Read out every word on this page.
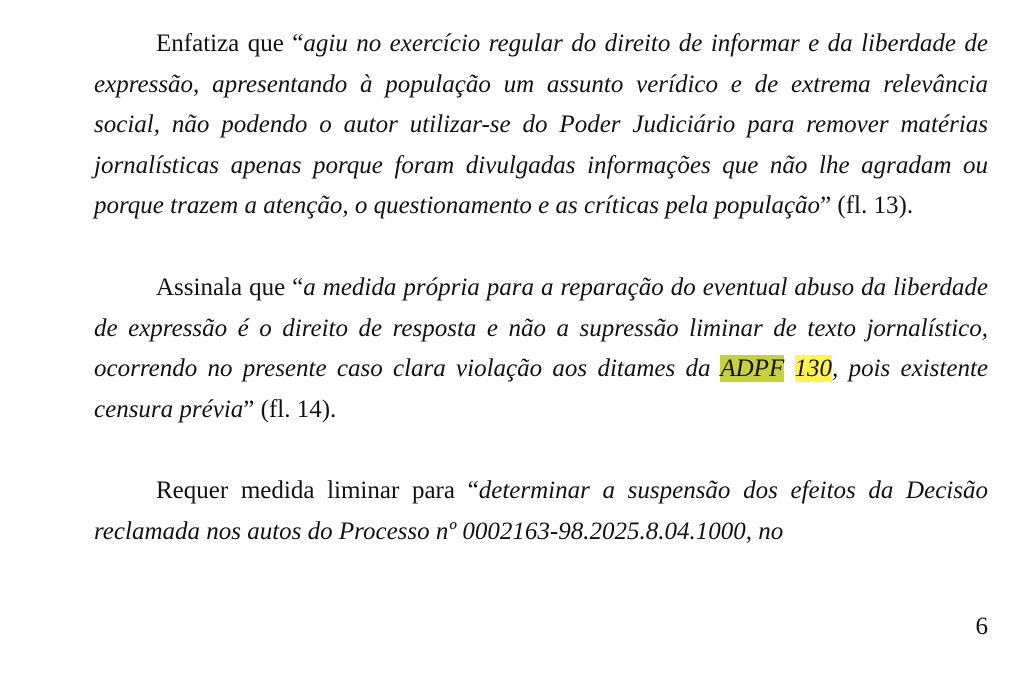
Enfatiza que “agiu no exercício regular do direito de informar e da liberdade de expressão, apresentando à população um assunto verídico e de extrema relevância social, não podendo o autor utilizar-se do Poder Judiciário para remover matérias jornalísticas apenas porque foram divulgadas informações que não lhe agradam ou porque trazem a atenção, o questionamento e as críticas pela população” (fl. 13).

Assinala que “a medida própria para a reparação do eventual abuso da liberdade de expressão é o direito de resposta e não a supressão liminar de texto jornalístico, ocorrendo no presente caso clara violação aos ditames da ADPF 130, pois existente censura prévia” (fl. 14).

Requer medida liminar para “determinar a suspensão dos efeitos da Decisão reclamada nos autos do Processo nº 0002163-98.2025.8.04.1000, no

6
